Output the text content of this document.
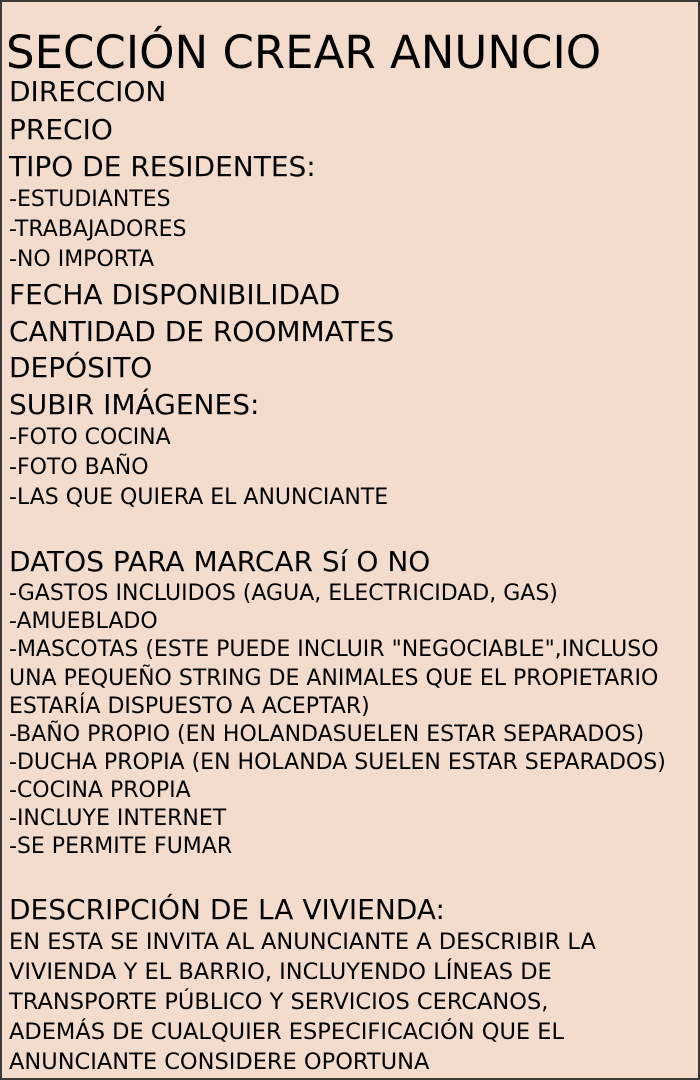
SECCIÓN CREAR ANUNCIO
DIRECCION
PRECIO
TIPO DE RESIDENTES:
-ESTUDIANTES
-TRABAJADORES
-NO IMPORTA
FECHA DISPONIBILIDAD
CANTIDAD DE ROOMMATES
DEPÓSITO
SUBIR IMÁGENES:
-FOTO COCINA
-FOTO BAÑO
-LAS QUE QUIERA EL ANUNCIANTE
DATOS PARA MARCAR Sí O NO
-GASTOS INCLUIDOS (AGUA, ELECTRICIDAD, GAS)
-AMUEBLADO
-MASCOTAS (ESTE PUEDE INCLUIR "NEGOCIABLE",INCLUSO
UNA PEQUEÑO STRING DE ANIMALES QUE EL PROPIETARIO
ESTARÍA DISPUESTO A ACEPTAR)
-BAÑO PROPIO (EN HOLANDASUELEN ESTAR SEPARADOS)
-DUCHA PROPIA (EN HOLANDA SUELEN ESTAR SEPARADOS)
-COCINA PROPIA
-INCLUYE INTERNET
-SE PERMITE FUMAR
DESCRIPCIÓN DE LA VIVIENDA:
EN ESTA SE INVITA AL ANUNCIANTE A DESCRIBIR LA
VIVIENDA Y EL BARRIO, INCLUYENDO LÍNEAS DE
TRANSPORTE PÚBLICO Y SERVICIOS CERCANOS,
ADEMÁS DE CUALQUIER ESPECIFICACIÓN QUE EL
ANUNCIANTE CONSIDERE OPORTUNA
